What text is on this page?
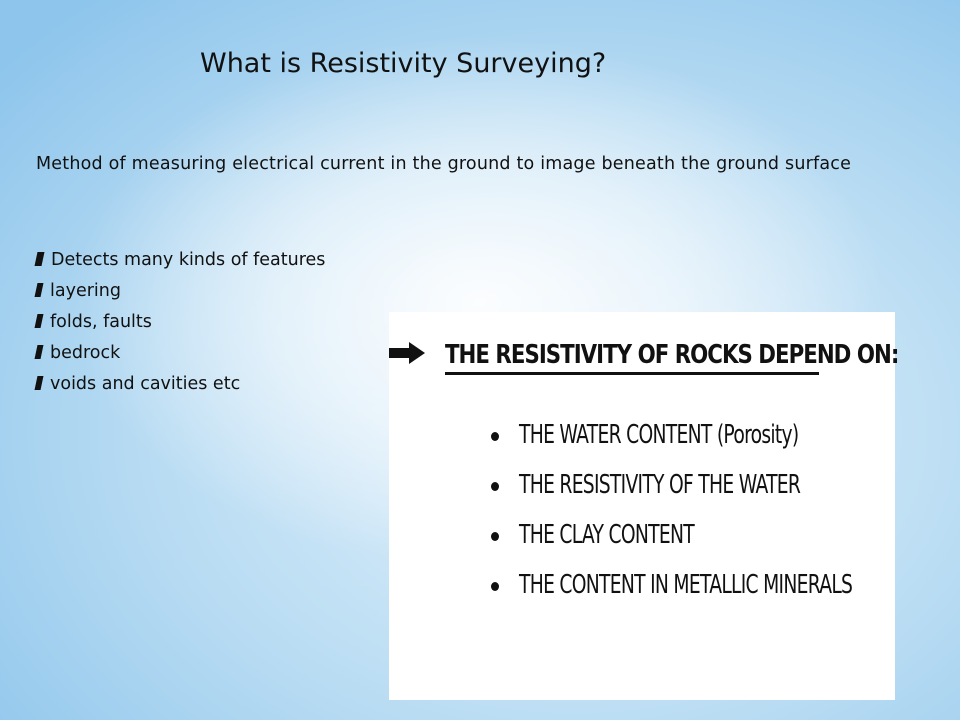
What is Resistivity Surveying?
Method of measuring electrical current in the ground to image beneath the ground surface
Detects many kinds of features
layering
folds, faults
bedrock
voids and cavities etc
THE RESISTIVITY OF ROCKS DEPEND ON:
THE WATER CONTENT (Porosity)
THE RESISTIVITY OF THE WATER
THE CLAY CONTENT
THE CONTENT IN METALLIC MINERALS
